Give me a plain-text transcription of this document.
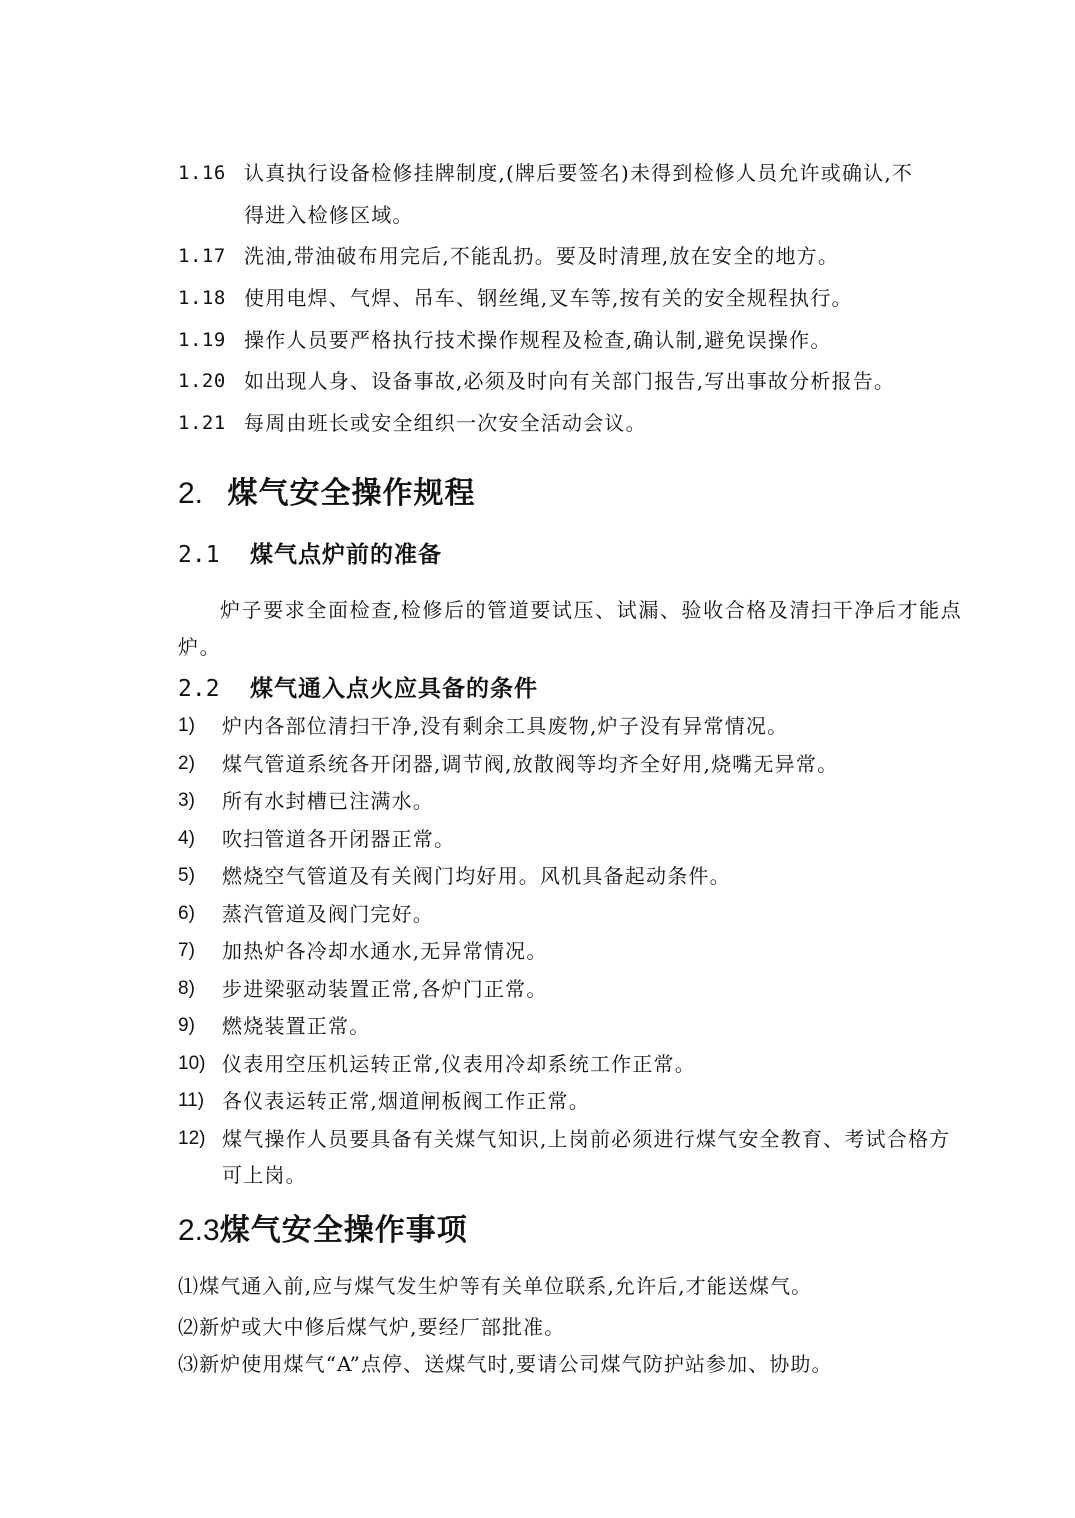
1.16 认真执行设备检修挂牌制度,(牌后要签名)未得到检修人员允许或确认,不
得进入检修区域。
1.17 洗油,带油破布用完后,不能乱扔。要及时清理,放在安全的地方。
1.18 使用电焊、气焊、吊车、钢丝绳,叉车等,按有关的安全规程执行。
1.19 操作人员要严格执行技术操作规程及检查,确认制,避免误操作。
1.20 如出现人身、设备事故,必须及时向有关部门报告,写出事故分析报告。
1.21 每周由班长或安全组织一次安全活动会议。
2. 煤气安全操作规程
2.1 煤气点炉前的准备
炉子要求全面检查,检修后的管道要试压、试漏、验收合格及清扫干净后才能点
炉。
2.2 煤气通入点火应具备的条件
1) 炉内各部位清扫干净,没有剩余工具废物,炉子没有异常情况。
2) 煤气管道系统各开闭器,调节阀,放散阀等均齐全好用,烧嘴无异常。
3) 所有水封槽已注满水。
4) 吹扫管道各开闭器正常。
5) 燃烧空气管道及有关阀门均好用。风机具备起动条件。
6) 蒸汽管道及阀门完好。
7) 加热炉各冷却水通水,无异常情况。
8) 步进梁驱动装置正常,各炉门正常。
9) 燃烧装置正常。
10) 仪表用空压机运转正常,仪表用冷却系统工作正常。
11) 各仪表运转正常,烟道闸板阀工作正常。
12) 煤气操作人员要具备有关煤气知识,上岗前必须进行煤气安全教育、考试合格方
可上岗。
2.3煤气安全操作事项
⑴煤气通入前,应与煤气发生炉等有关单位联系,允许后,才能送煤气。
⑵新炉或大中修后煤气炉,要经厂部批准。
⑶新炉使用煤气“A”点停、送煤气时,要请公司煤气防护站参加、协助。
